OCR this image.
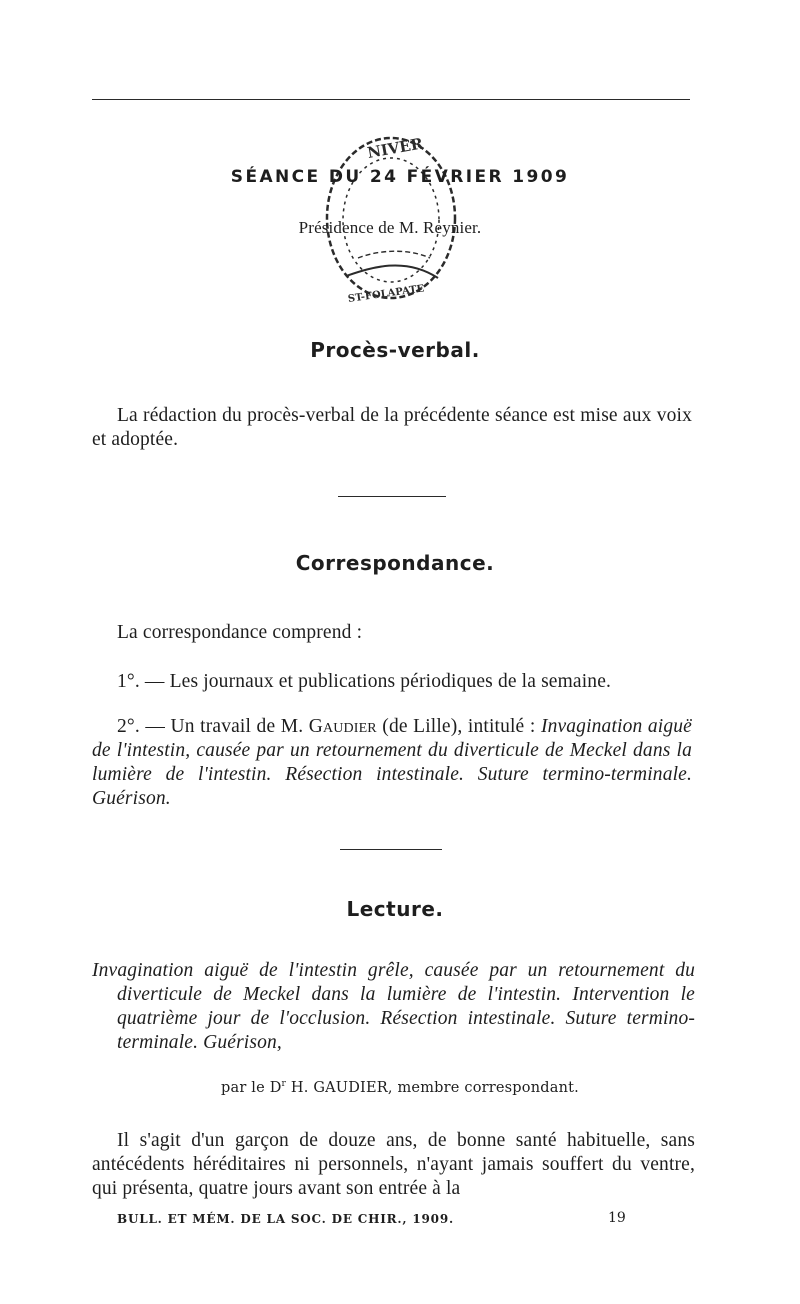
NIVER
ST-FOLAPATE
SÉANCE DU 24 FÉVRIER 1909
Présidence de M. Reynier.
Procès-verbal.
La rédaction du procès-verbal de la précédente séance est mise aux voix et adoptée.
Correspondance.
La correspondance comprend :
1°. — Les journaux et publications périodiques de la semaine.
2°. — Un travail de M. Gaudier (de Lille), intitulé : Invagination aiguë de l'intestin, causée par un retournement du diverticule de Meckel dans la lumière de l'intestin. Résection intestinale. Suture termino-terminale. Guérison.
Lecture.
Invagination aiguë de l'intestin grêle, causée par un retournement du diverticule de Meckel dans la lumière de l'intestin. Intervention le quatrième jour de l'occlusion. Résection intestinale. Suture termino-terminale. Guérison,
par le $D^r$ H. GAUDIER, membre correspondant.
Il s'agit d'un garçon de douze ans, de bonne santé habituelle, sans antécédents héréditaires ni personnels, n'ayant jamais souffert du ventre, qui présenta, quatre jours avant son entrée à la
BULL. ET MÉM. DE LA SOC. DE CHIR., 1909.	19
